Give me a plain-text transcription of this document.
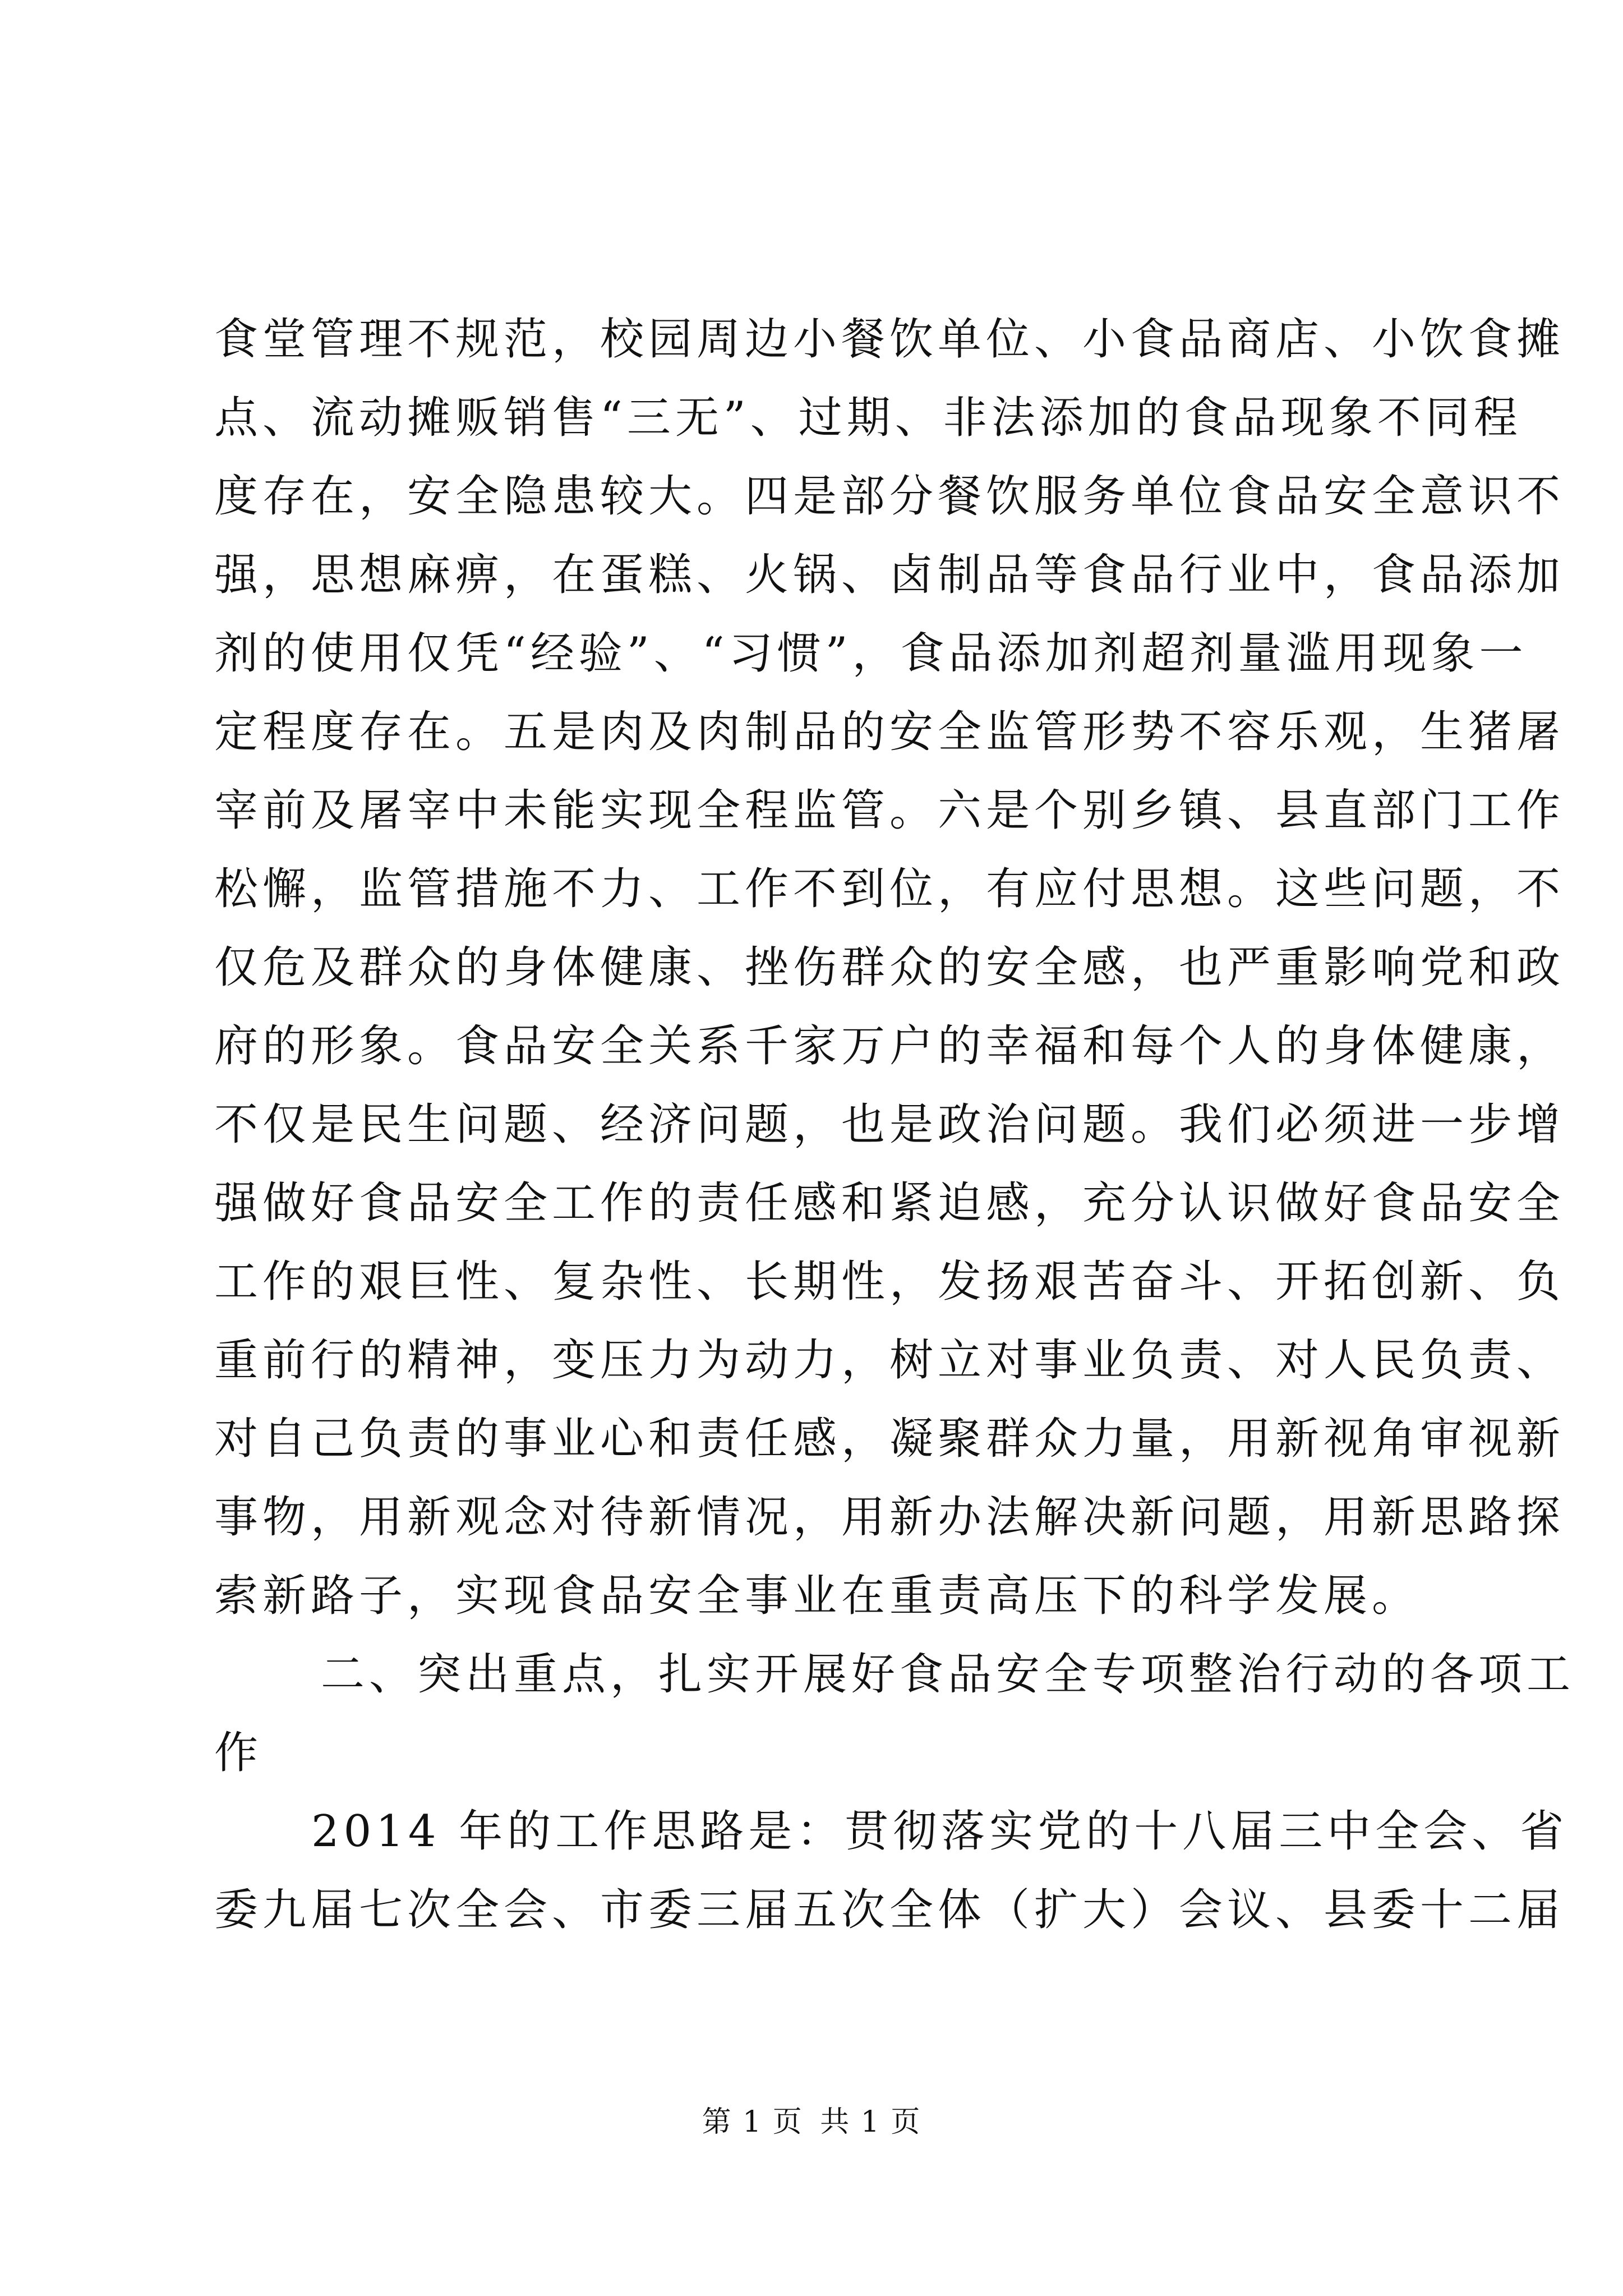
食堂管理不规范，校园周边小餐饮单位、小食品商店、小饮食摊
点、流动摊贩销售“三无”、过期、非法添加的食品现象不同程
度存在，安全隐患较大。四是部分餐饮服务单位食品安全意识不
强，思想麻痹，在蛋糕、火锅、卤制品等食品行业中，食品添加
剂的使用仅凭“经验”、“习惯”，食品添加剂超剂量滥用现象一
定程度存在。五是肉及肉制品的安全监管形势不容乐观，生猪屠
宰前及屠宰中未能实现全程监管。六是个别乡镇、县直部门工作
松懈，监管措施不力、工作不到位，有应付思想。这些问题，不
仅危及群众的身体健康、挫伤群众的安全感，也严重影响党和政
府的形象。食品安全关系千家万户的幸福和每个人的身体健康，
不仅是民生问题、经济问题，也是政治问题。我们必须进一步增
强做好食品安全工作的责任感和紧迫感，充分认识做好食品安全
工作的艰巨性、复杂性、长期性，发扬艰苦奋斗、开拓创新、负
重前行的精神，变压力为动力，树立对事业负责、对人民负责、
对自己负责的事业心和责任感，凝聚群众力量，用新视角审视新
事物，用新观念对待新情况，用新办法解决新问题，用新思路探
索新路子，实现食品安全事业在重责高压下的科学发展。
二、突出重点，扎实开展好食品安全专项整治行动的各项工
作
2014 年的工作思路是：贯彻落实党的十八届三中全会、省
委九届七次全会、市委三届五次全体（扩大）会议、县委十二届
第 1 页 共 1 页
